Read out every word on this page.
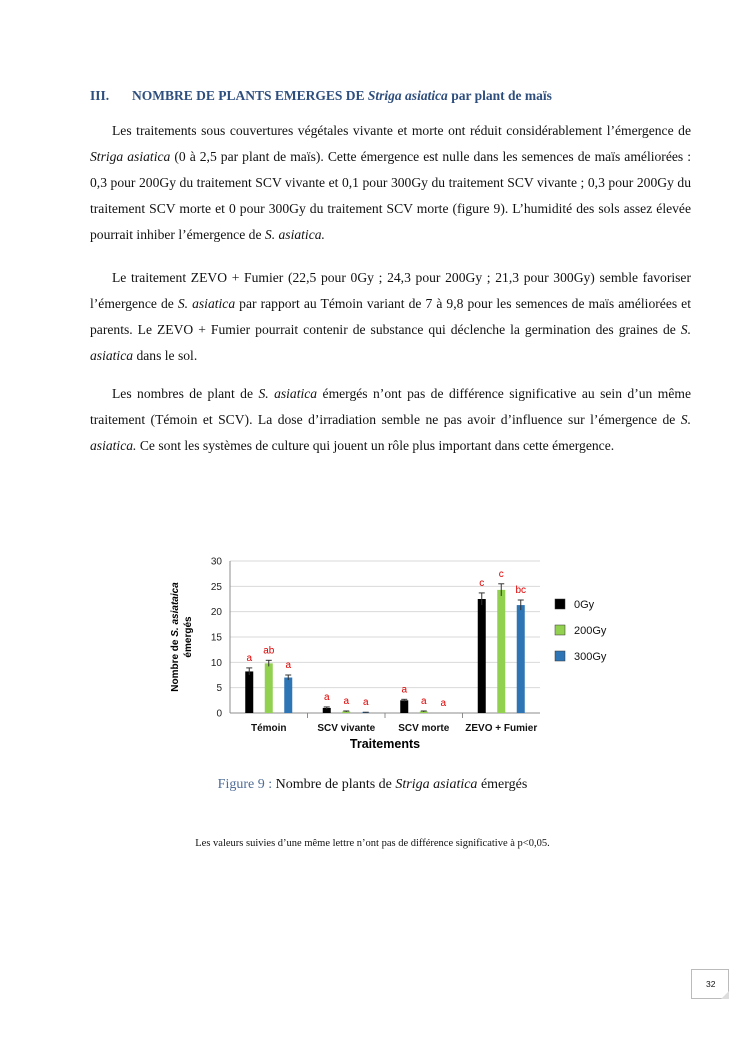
III. NOMBRE DE PLANTS EMERGES DE Striga asiatica par plant de maïs

Les traitements sous couvertures végétales vivante et morte ont réduit considérablement l’émergence de Striga asiatica (0 à 2,5 par plant de maïs). Cette émergence est nulle dans les semences de maïs améliorées : 0,3 pour 200Gy du traitement SCV vivante et 0,1 pour 300Gy du traitement SCV vivante ; 0,3 pour 200Gy du traitement SCV morte et 0 pour 300Gy du traitement SCV morte (figure 9). L’humidité des sols assez élevée pourrait inhiber l’émergence de S. asiatica.

Le traitement ZEVO + Fumier (22,5 pour 0Gy ; 24,3 pour 200Gy ; 21,3 pour 300Gy) semble favoriser l’émergence de S. asiatica par rapport au Témoin variant de 7 à 9,8 pour les semences de maïs améliorées et parents. Le ZEVO + Fumier pourrait contenir de substance qui déclenche la germination des graines de S. asiatica dans le sol.

Les nombres de plant de S. asiatica émergés n’ont pas de différence significative au sein d’un même traitement (Témoin et SCV). La dose d’irradiation semble ne pas avoir d’influence sur l’émergence de S. asiatica. Ce sont les systèmes de culture qui jouent un rôle plus important dans cette émergence.

0
5
10
15
20
25
30
Témoin
a
ab
a
SCV vivante
a a a
SCV morte
a
a a
ZEVO + Fumier
c
c
bc
0Gy
200Gy
300Gy
Nombre de S. asiataica
émergés
Traitements
Figure 9 : Nombre de plants de Striga asiatica émergés
Les valeurs suivies d’une même lettre n’ont pas de différence significative à p<0,05.
32
